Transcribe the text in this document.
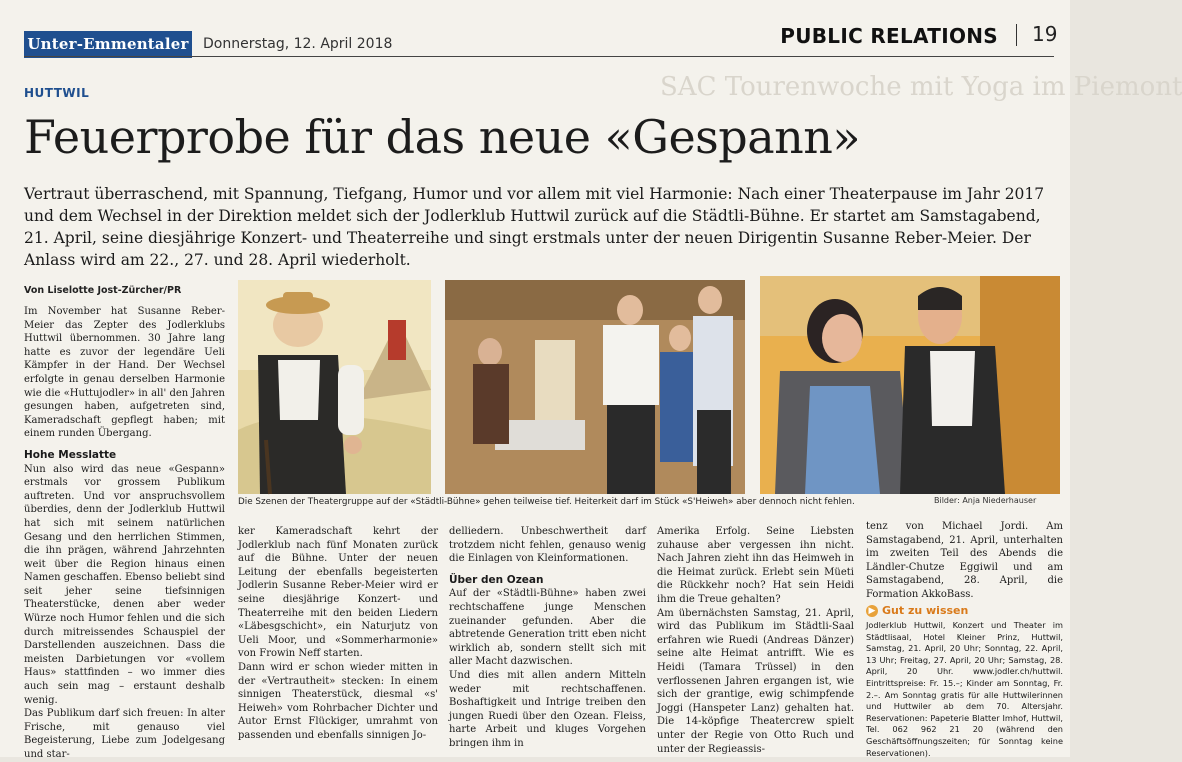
Unter-Emmentaler Donnerstag, 12. April 2018	PUBLIC RELATIONS 19
SAC Tourenwoche mit Yoga im Piemont
HUTTWIL
Feuerprobe für das neue «Gespann»
Vertraut überraschend, mit Spannung, Tiefgang, Humor und vor allem mit viel Harmonie: Nach einer Theaterpause im Jahr 2017 und dem Wechsel in der Direktion meldet sich der Jodlerklub Huttwil zurück auf die Städtli-Bühne. Er startet am Samstagabend, 21. April, seine diesjährige Konzert- und Theaterreihe und singt erstmals unter der neuen Dirigentin Susanne Reber-Meier. Der Anlass wird am 22., 27. und 28. April wiederholt.
Von Liselotte Jost-Zürcher/PR

Im November hat Susanne Reber-Meier das Zepter des Jodlerklubs Huttwil übernommen. 30 Jahre lang hatte es zuvor der legendäre Ueli Kämpfer in der Hand. Der Wechsel erfolgte in genau derselben Harmonie wie die «Huttujodler» in all' den Jahren gesungen haben, aufgetreten sind, Kameradschaft gepflegt haben; mit einem runden Übergang.

Hohe Messlatte

Nun also wird das neue «Gespann» erstmals vor grossem Publikum auftreten. Und vor anspruchsvollem überdies, denn der Jodlerklub Huttwil hat sich mit seinem natürlichen Gesang und den herrlichen Stimmen, die ihn prägen, während Jahrzehnten weit über die Region hinaus einen Namen geschaffen. Ebenso beliebt sind seit jeher seine tiefsinnigen Theaterstücke, denen aber weder Würze noch Humor fehlen und die sich durch mitreissendes Schauspiel der Darstellenden auszeichnen. Dass die meisten Darbietungen vor «vollem Haus» stattfinden – wo immer dies auch sein mag – erstaunt deshalb wenig.

Das Publikum darf sich freuen: In alter Frische, mit genauso viel Begeisterung, Liebe zum Jodelgesang und star-

Die Szenen der Theatergruppe auf der «Städtli-Bühne» gehen teilweise tief. Heiterkeit darf im Stück «S'Heiweh» aber dennoch nicht fehlen.	Bilder: Anja Niederhauser

ker Kameradschaft kehrt der Jodlerklub nach fünf Monaten zurück auf die Bühne. Unter der neuen Leitung der ebenfalls begeisterten Jodlerin Susanne Reber-Meier wird er seine diesjährige Konzert- und Theaterreihe mit den beiden Liedern «Läbesgschicht», ein Naturjutz von Ueli Moor, und «Sommerharmonie» von Frowin Neff starten.

Dann wird er schon wieder mitten in der «Vertrautheit» stecken: In einem sinnigen Theaterstück, diesmal «s' Heiweh» vom Rohrbacher Dichter und Autor Ernst Flückiger, umrahmt von passenden und ebenfalls sinnigen Jo-

delliedern. Unbeschwertheit darf trotzdem nicht fehlen, genauso wenig die Einlagen von Kleinformationen.

Über den Ozean

Auf der «Städtli-Bühne» haben zwei rechtschaffene junge Menschen zueinander gefunden. Aber die abtretende Generation tritt eben nicht wirklich ab, sondern stellt sich mit aller Macht dazwischen.

Und dies mit allen andern Mitteln weder mit rechtschaffenen. Boshaftigkeit und Intrige treiben den jungen Ruedi über den Ozean. Fleiss, harte Arbeit und kluges Vorgehen bringen ihm in

Amerika Erfolg. Seine Liebsten zuhause aber vergessen ihn nicht. Nach Jahren zieht ihn das Heimweh in die Heimat zurück. Erlebt sein Müeti die Rückkehr noch? Hat sein Heidi ihm die Treue gehalten?

Am übernächsten Samstag, 21. April, wird das Publikum im Städtli-Saal erfahren wie Ruedi (Andreas Dänzer) seine alte Heimat antrifft. Wie es Heidi (Tamara Trüssel) in den verflossenen Jahren ergangen ist, wie sich der grantige, ewig schimpfende Joggi (Hanspeter Lanz) gehalten hat. Die 14-köpfige Theatercrew spielt unter der Regie von Otto Ruch und unter der Regieassis-

tenz von Michael Jordi. Am Samstagabend, 21. April, unterhalten im zweiten Teil des Abends die Ländler-Chutze Eggiwil und am Samstagabend, 28. April, die Formation AkkoBass.

▶ Gut zu wissen
Jodlerklub Huttwil, Konzert und Theater im Städtlisaal, Hotel Kleiner Prinz, Huttwil, Samstag, 21. April, 20 Uhr; Sonntag, 22. April, 13 Uhr; Freitag, 27. April, 20 Uhr; Samstag, 28. April, 20 Uhr. www.jodler.ch/huttwil. Eintrittspreise: Fr. 15.–; Kinder am Sonntag, Fr. 2.–. Am Sonntag gratis für alle Huttwilerinnen und Huttwiler ab dem 70. Altersjahr. Reservationen: Papeterie Blatter Imhof, Huttwil, Tel. 062 962 21 20 (während den Geschäftsöffnungszeiten; für Sonntag keine Reservationen).
